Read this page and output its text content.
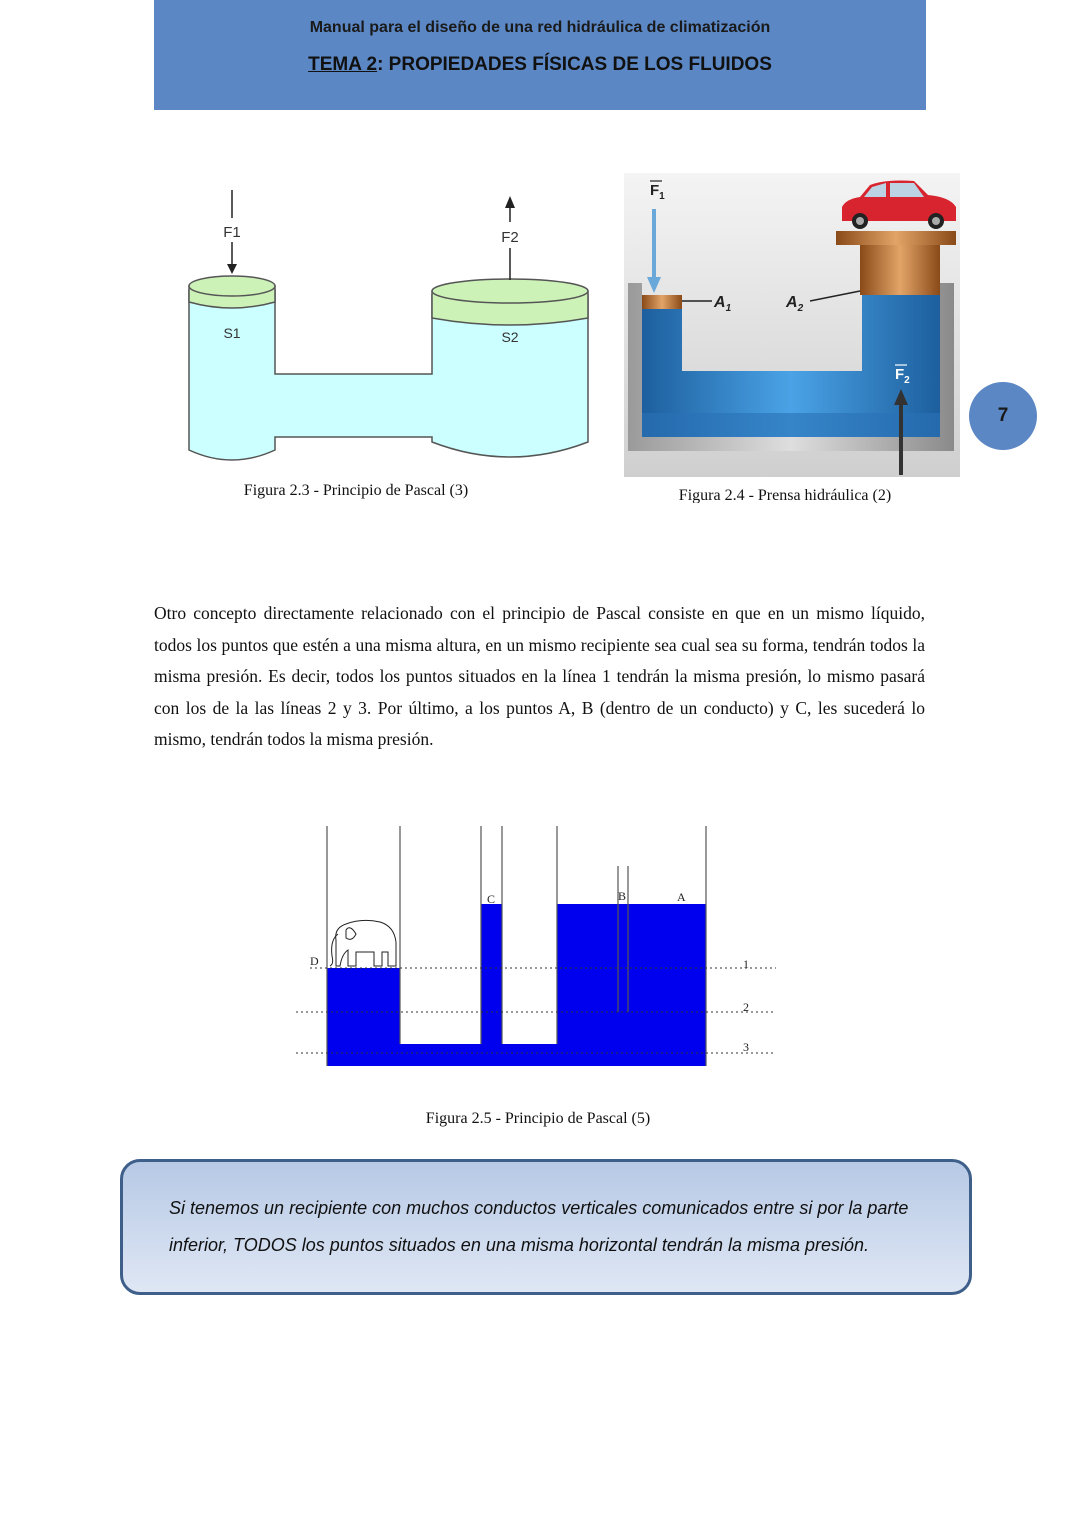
Manual para el diseño de una red hidráulica de climatización
TEMA 2: PROPIEDADES FÍSICAS DE LOS FLUIDOS
F1	F2
S1	S2
Figura 2.3 - Principio de Pascal (3)
$F_1$
$F_2$
$A_1$	$A_2$
Figura 2.4 - Prensa hidráulica (2)
7
Otro concepto directamente relacionado con el principio de Pascal consiste en que en un mismo líquido, todos los puntos que estén a una misma altura, en un mismo recipiente sea cual sea su forma, tendrán todos la misma presión. Es decir, todos los puntos situados en la línea 1 tendrán la misma presión, lo mismo pasará con los de la las líneas 2 y 3. Por último, a los puntos A, B (dentro de un conducto) y C, les sucederá lo mismo, tendrán todos la misma presión.
D
C	B	A
1
2
3
Figura 2.5 - Principio de Pascal (5)

Si tenemos un recipiente con muchos conductos verticales comunicados entre si por la parte inferior, TODOS los puntos situados en una misma horizontal tendrán la misma presión.
